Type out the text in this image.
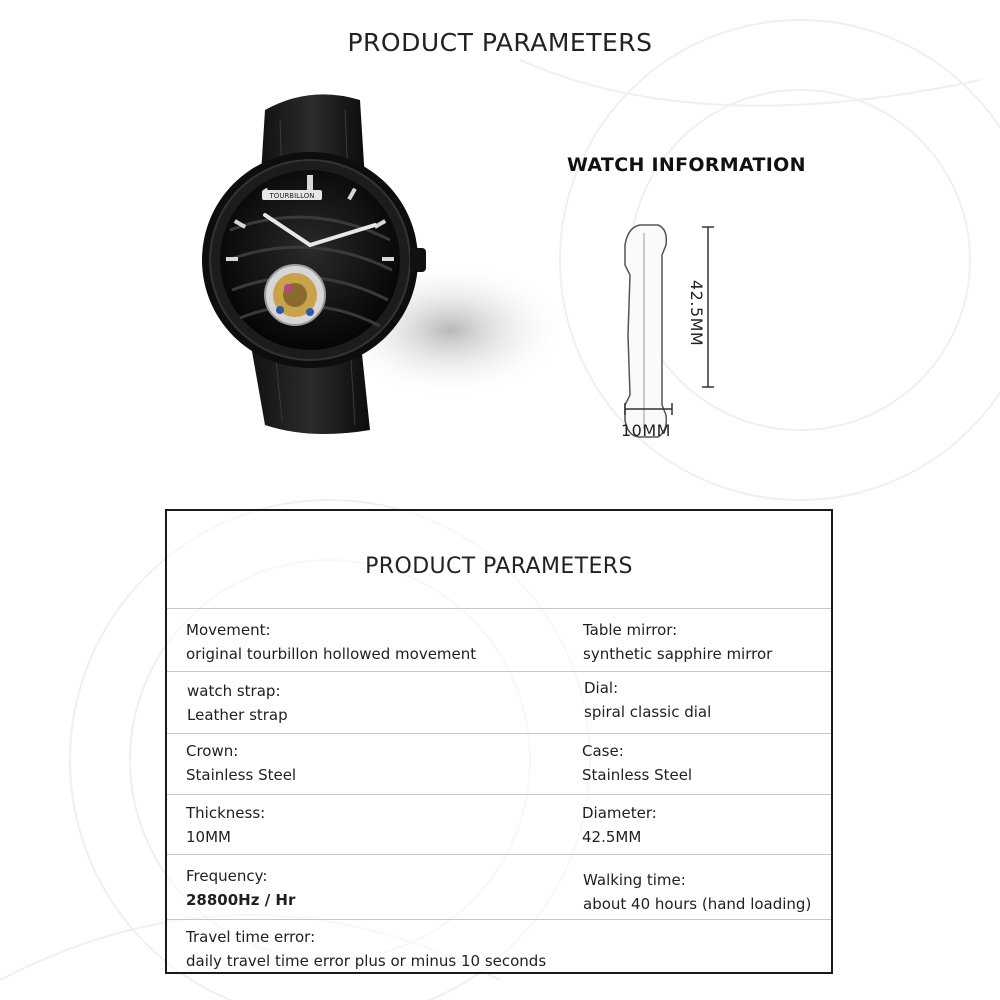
PRODUCT PARAMETERS
TOURBILLON
WATCH INFORMATION
42.5MM
10MM
PRODUCT PARAMETERS
Movement:
original tourbillon hollowed movement
Table mirror:
synthetic sapphire mirror
watch strap:
Leather strap
Dial:
spiral classic dial
Crown:
Stainless Steel
Case:
Stainless Steel
Thickness:
10MM
Diameter:
42.5MM
Frequency:
28800Hz / Hr
Walking time:
about 40 hours (hand loading)
Travel time error:
daily travel time error plus or minus 10 seconds
